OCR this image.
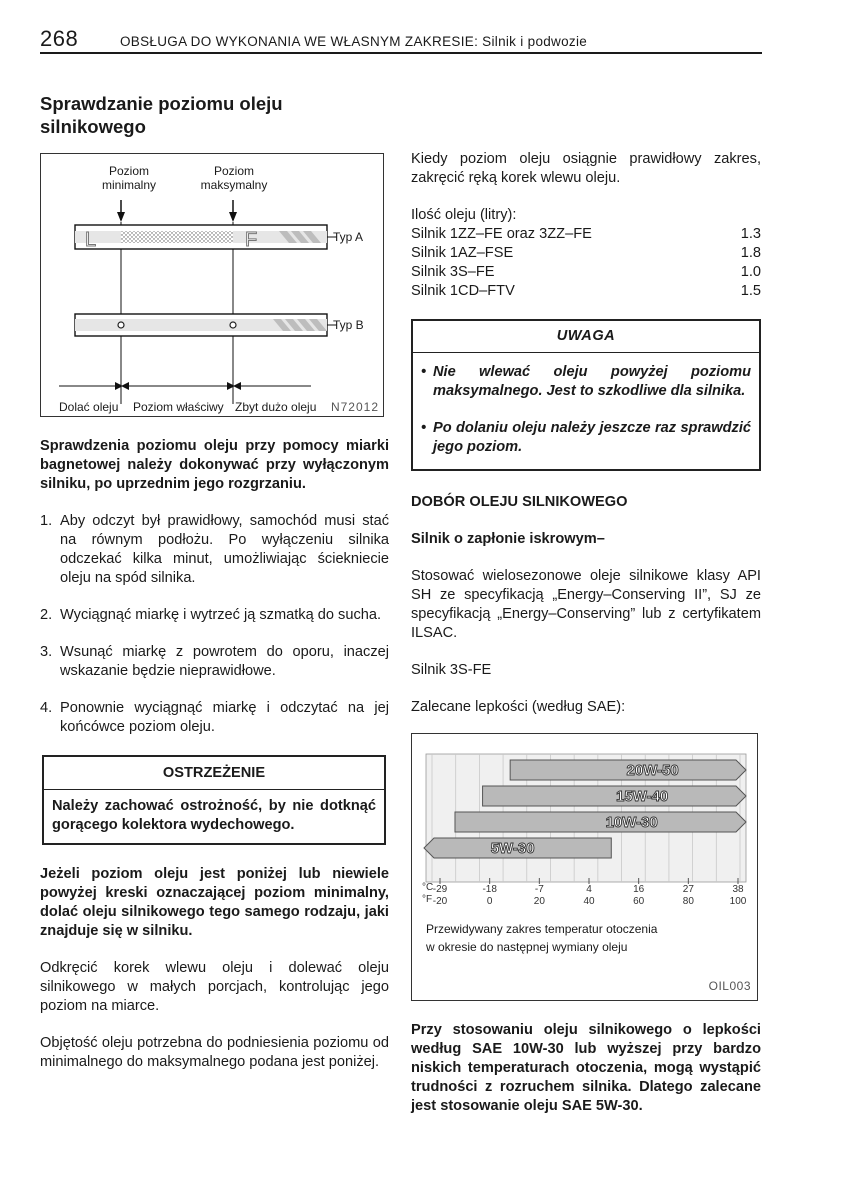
268	OBSŁUGA DO WYKONANIA WE WŁASNYM ZAKRESIE: Silnik i podwozie
Sprawdzanie poziomu oleju silnikowego
Poziom minimalny
Poziom maksymalny
L	F	Typ A
Typ B
Dolać oleju Poziom właściwy Zbyt dużo oleju N72012

Sprawdzenia poziomu oleju przy pomocy miarki bagnetowej należy dokonywać przy wyłączonym silniku, po uprzednim jego rozgrzaniu.

1. Aby odczyt był prawidłowy, samochód musi stać na równym podłożu. Po wyłączeniu silnika odczekać kilka minut, umożliwiając ściekniecie oleju na spód silnika.
2. Wyciągnąć miarkę i wytrzeć ją szmatką do sucha.
3. Wsunąć miarkę z powrotem do oporu, inaczej wskazanie będzie nieprawidłowe.
4. Ponownie wyciągnąć miarkę i odczytać na jej końcówce poziom oleju.
OSTRZEŻENIE
Należy zachować ostrożność, by nie dotknąć gorącego kolektora wydechowego.

Jeżeli poziom oleju jest poniżej lub niewiele powyżej kreski oznaczającej poziom minimalny, dolać oleju silnikowego tego samego rodzaju, jaki znajduje się w silniku.

Odkręcić korek wlewu oleju i dolewać oleju silnikowego w małych porcjach, kontrolując jego poziom na miarce.

Objętość oleju potrzebna do podniesienia poziomu od minimalnego do maksymalnego podana jest poniżej.

Kiedy poziom oleju osiągnie prawidłowy zakres, zakręcić ręką korek wlewu oleju.

Ilość oleju (litry):
Silnik 1ZZ–FE oraz 3ZZ–FE	1.3
Silnik 1AZ–FSE	1.8
Silnik 3S–FE	1.0
Silnik 1CD–FTV	1.5
UWAGA
• Nie wlewać oleju powyżej poziomu maksymalnego. Jest to szkodliwe dla silnika.
• Po dolaniu oleju należy jeszcze raz sprawdzić jego poziom.

DOBÓR OLEJU SILNIKOWEGO

Silnik o zapłonie iskrowym–

Stosować wielosezonowe oleje silnikowe klasy API SH ze specyfikacją „Energy–Conserving II”, SJ ze specyfikacją „Energy–Conserving” lub z certyfikatem ILSAC.

Silnik 3S-FE

Zalecane lepkości (według SAE):

20W-50
15W-40
10W-30
5W-30
°C
°F
-29
-20
-18
0
-7
20
4
40
16
60
27
80
38
100
Przewidywany zakres temperatur otoczenia
w okresie do następnej wymiany oleju
OIL003

Przy stosowaniu oleju silnikowego o lepkości według SAE 10W-30 lub wyższej przy bardzo niskich temperaturach otoczenia, mogą wystąpić trudności z rozruchem silnika. Dlatego zalecane jest stosowanie oleju SAE 5W-30.
